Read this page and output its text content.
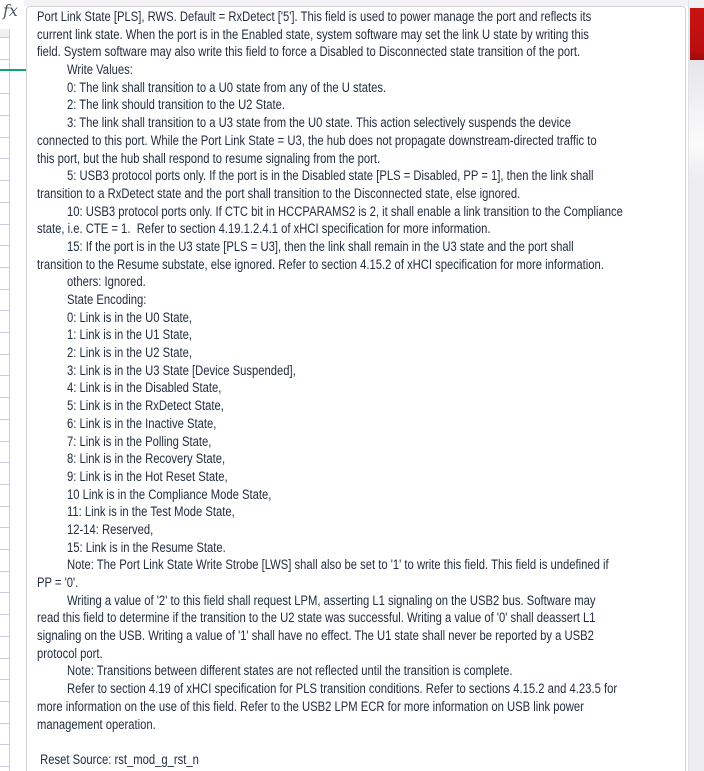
fx	Port Link State [PLS], RWS. Default = RxDetect ['5']. This field is used to power manage the port and reflects its
current link state. When the port is in the Enabled state, system software may set the link U state by writing this
field. System software may also write this field to force a Disabled to Disconnected state transition of the port.
	Write Values:
	0: The link shall transition to a U0 state from any of the U states.
	2: The link should transition to the U2 State.
	3: The link shall transition to a U3 state from the U0 state. This action selectively suspends the device
connected to this port. While the Port Link State = U3, the hub does not propagate downstream-directed traffic to
this port, but the hub shall respond to resume signaling from the port.
	5: USB3 protocol ports only. If the port is in the Disabled state [PLS = Disabled, PP = 1], then the link shall
transition to a RxDetect state and the port shall transition to the Disconnected state, else ignored.
	10: USB3 protocol ports only. If CTC bit in HCCPARAMS2 is 2, it shall enable a link transition to the Compliance
state, i.e. CTE = 1.  Refer to section 4.19.1.2.4.1 of xHCI specification for more information.
	15: If the port is in the U3 state [PLS = U3], then the link shall remain in the U3 state and the port shall
transition to the Resume substate, else ignored. Refer to section 4.15.2 of xHCI specification for more information.
	others: Ignored.
	State Encoding:
	0: Link is in the U0 State,
	1: Link is in the U1 State,
	2: Link is in the U2 State,
	3: Link is in the U3 State [Device Suspended],
	4: Link is in the Disabled State,
	5: Link is in the RxDetect State,
	6: Link is in the Inactive State,
	7: Link is in the Polling State,
	8: Link is in the Recovery State,
	9: Link is in the Hot Reset State,
	10 Link is in the Compliance Mode State,
	11: Link is in the Test Mode State,
	12-14: Reserved,
	15: Link is in the Resume State.
	Note: The Port Link State Write Strobe [LWS] shall also be set to '1' to write this field. This field is undefined if
PP = '0'.
	Writing a value of '2' to this field shall request LPM, asserting L1 signaling on the USB2 bus. Software may
read this field to determine if the transition to the U2 state was successful. Writing a value of '0' shall deassert L1
signaling on the USB. Writing a value of '1' shall have no effect. The U1 state shall never be reported by a USB2
protocol port.
	Note: Transitions between different states are not reflected until the transition is complete.
	Refer to section 4.19 of xHCI specification for PLS transition conditions. Refer to sections 4.15.2 and 4.23.5 for
more information on the use of this field. Refer to the USB2 LPM ECR for more information on USB link power
management operation.
Reset Source: rst_mod_g_rst_n
